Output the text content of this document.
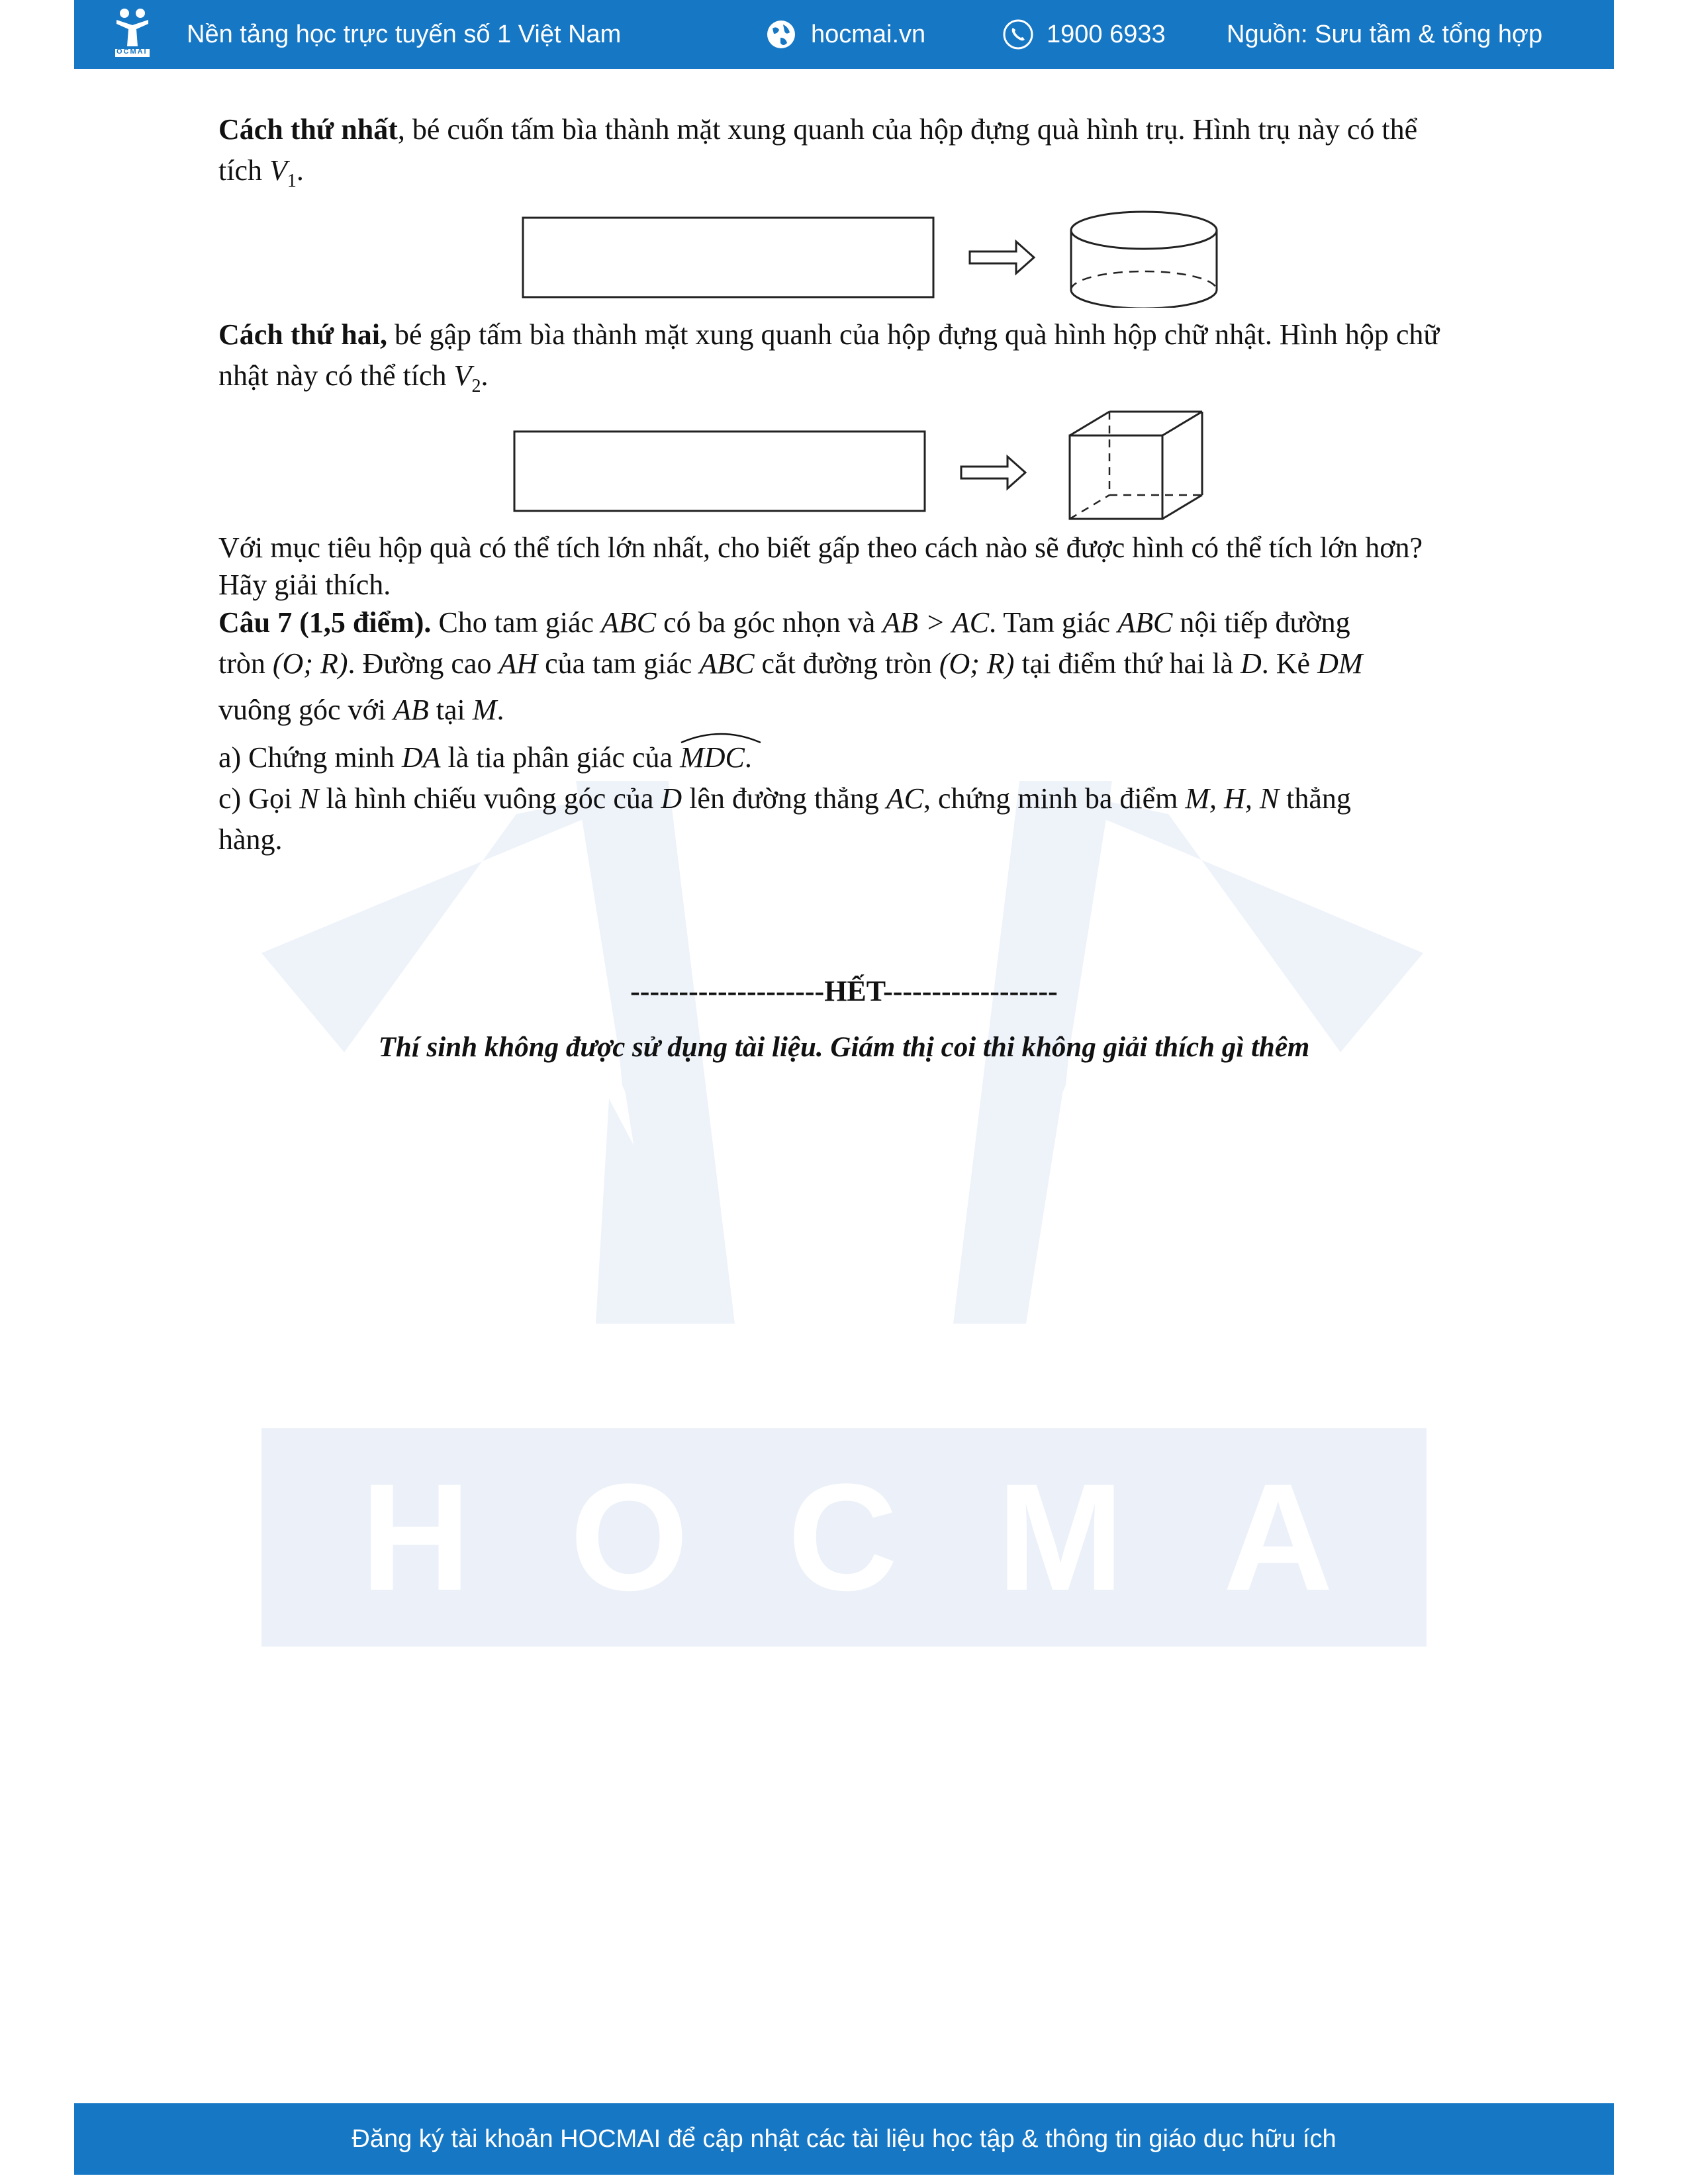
HOCMAI
HOCMAI
Nền tảng học trực tuyến số 1 Việt Nam	hocmai.vn	1900 6933 Nguồn: Sưu tầm & tổng hợp
Cách thứ nhất, bé cuốn tấm bìa thành mặt xung quanh của hộp đựng quà hình trụ. Hình trụ này có thể
tích $V_1$.
Cách thứ hai, bé gập tấm bìa thành mặt xung quanh của hộp đựng quà hình hộp chữ nhật. Hình hộp chữ
nhật này có thể tích $V_2$.
Với mục tiêu hộp quà có thể tích lớn nhất, cho biết gấp theo cách nào sẽ được hình có thể tích lớn hơn?
Hãy giải thích.
Câu 7 (1,5 điểm). Cho tam giác ABC có ba góc nhọn và AB > AC. Tam giác ABC nội tiếp đường
tròn (O; R). Đường cao AH của tam giác ABC cắt đường tròn (O; R) tại điểm thứ hai là D. Kẻ DM
vuông góc với AB tại M.
a) Chứng minh DA là tia phân giác của
MDC.
c) Gọi N là hình chiếu vuông góc của D lên đường thẳng AC, chứng minh ba điểm M, H, N thẳng
hàng.
--------------------HẾT------------------
Thí sinh không được sử dụng tài liệu. Giám thị coi thi không giải thích gì thêm
Đăng ký tài khoản HOCMAI để cập nhật các tài liệu học tập & thông tin giáo dục hữu ích
